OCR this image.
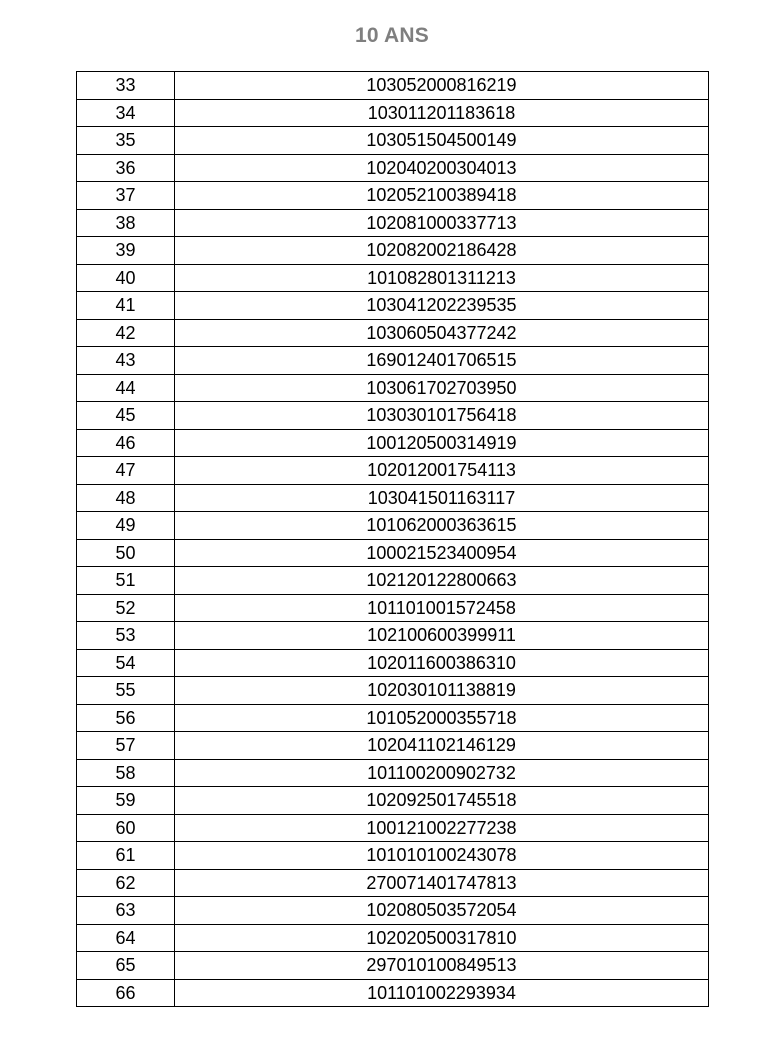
10 ANS
33	103052000816219
34	103011201183618
35	103051504500149
36	102040200304013
37	102052100389418
38	102081000337713
39	102082002186428
40	101082801311213
41	103041202239535
42	103060504377242
43	169012401706515
44	103061702703950
45	103030101756418
46	100120500314919
47	102012001754113
48	103041501163117
49	101062000363615
50	100021523400954
51	102120122800663
52	101101001572458
53	102100600399911
54	102011600386310
55	102030101138819
56	101052000355718
57	102041102146129
58	101100200902732
59	102092501745518
60	100121002277238
61	101010100243078
62	270071401747813
63	102080503572054
64	102020500317810
65	297010100849513
66	101101002293934
